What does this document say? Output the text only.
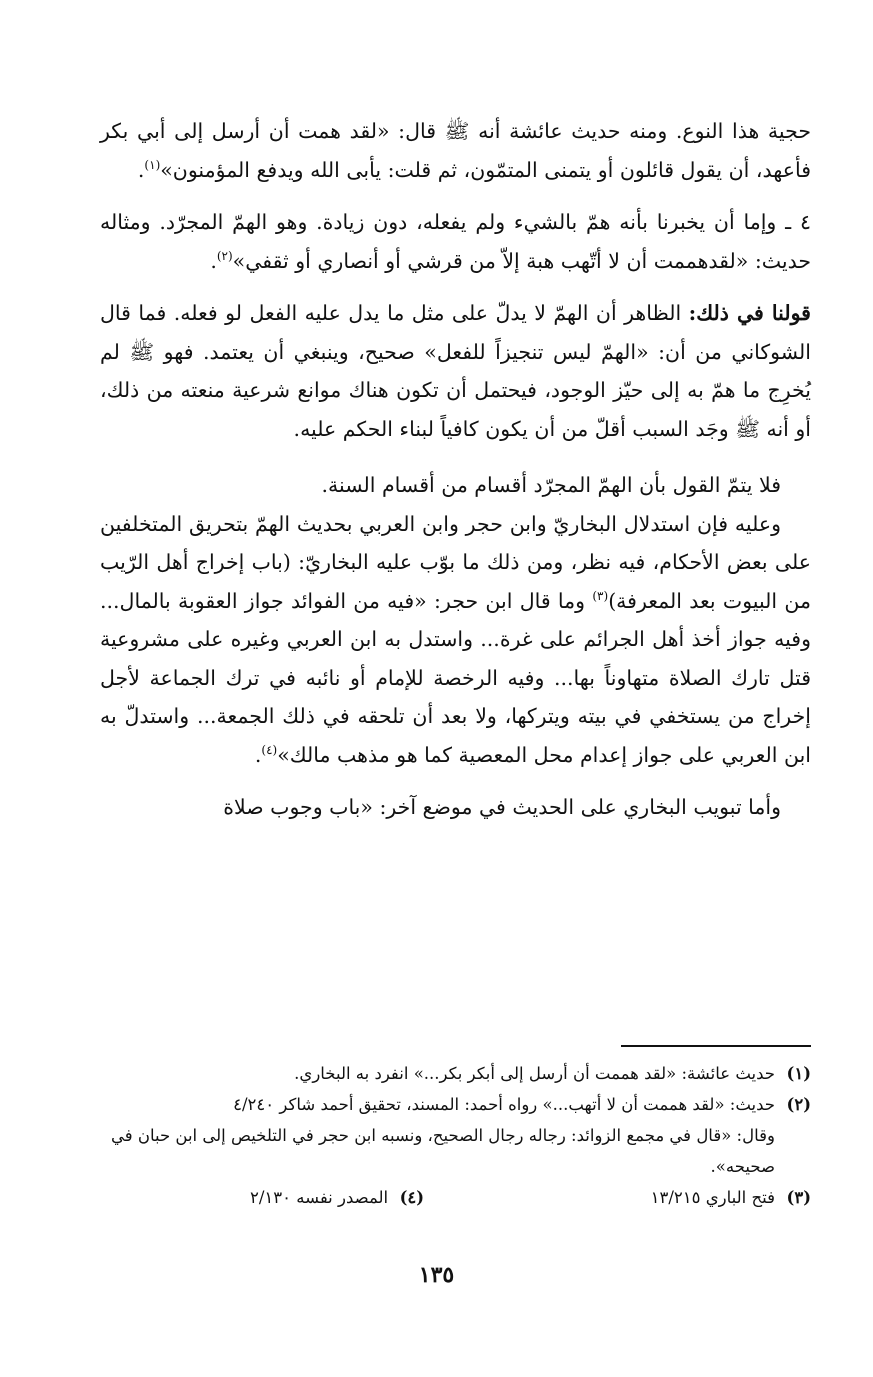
حجية هذا النوع. ومنه حديث عائشة أنه ﷺ قال: «لقد همت أن أرسل إلى أبي بكر فأعهد، أن يقول قائلون أو يتمنى المتمّون، ثم قلت: يأبى الله ويدفع المؤمنون»$^{(١)}$.

٤ ـ وإما أن يخبرنا بأنه همّ بالشيء ولم يفعله، دون زيادة. وهو الهمّ المجرّد. ومثاله حديث: «لقدهممت أن لا أتّهب هبة إلاّ من قرشي أو أنصاري أو ثقفي»$^{(٢)}$.

قولنا في ذلك: الظاهر أن الهمّ لا يدلّ على مثل ما يدل عليه الفعل لو فعله. فما قال الشوكاني من أن: «الهمّ ليس تنجيزاً للفعل» صحيح، وينبغي أن يعتمد. فهو ﷺ لم يُخرِج ما همّ به إلى حيّز الوجود، فيحتمل أن تكون هناك موانع شرعية منعته من ذلك، أو أنه ﷺ وجَد السبب أقلّ من أن يكون كافياً لبناء الحكم عليه.

فلا يتمّ القول بأن الهمّ المجرّد أقسام من أقسام السنة.

وعليه فإن استدلال البخاريّ وابن حجر وابن العربي بحديث الهمّ بتحريق المتخلفين على بعض الأحكام، فيه نظر، ومن ذلك ما بوّب عليه البخاريّ: (باب إخراج أهل الرّيب من البيوت بعد المعرفة)$^{(٣)}$ وما قال ابن حجر: «فيه من الفوائد جواز العقوبة بالمال... وفيه جواز أخذ أهل الجرائم على غرة... واستدل به ابن العربي وغيره على مشروعية قتل تارك الصلاة متهاوناً بها... وفيه الرخصة للإمام أو نائبه في ترك الجماعة لأجل إخراج من يستخفي في بيته ويتركها، ولا بعد أن تلحقه في ذلك الجمعة... واستدلّ به ابن العربي على جواز إعدام محل المعصية كما هو مذهب مالك»$^{(٤)}$.

وأما تبويب البخاري على الحديث في موضع آخر: «باب وجوب صلاة

(١)حديث عائشة: «لقد هممت أن أرسل إلى أبكر بكر...» انفرد به البخاري.

(٢)حديث: «لقد هممت أن لا أتهب...» رواه أحمد: المسند، تحقيق أحمد شاكر ٤/٢٤٠

وقال: «قال في مجمع الزوائد: رجاله رجال الصحيح، ونسبه ابن حجر في التلخيص إلى ابن حبان في صحيحه».

(٣)فتح الباري ١٣/٢١٥
(٤)المصدر نفسه ٢/١٣٠
١٣٥
